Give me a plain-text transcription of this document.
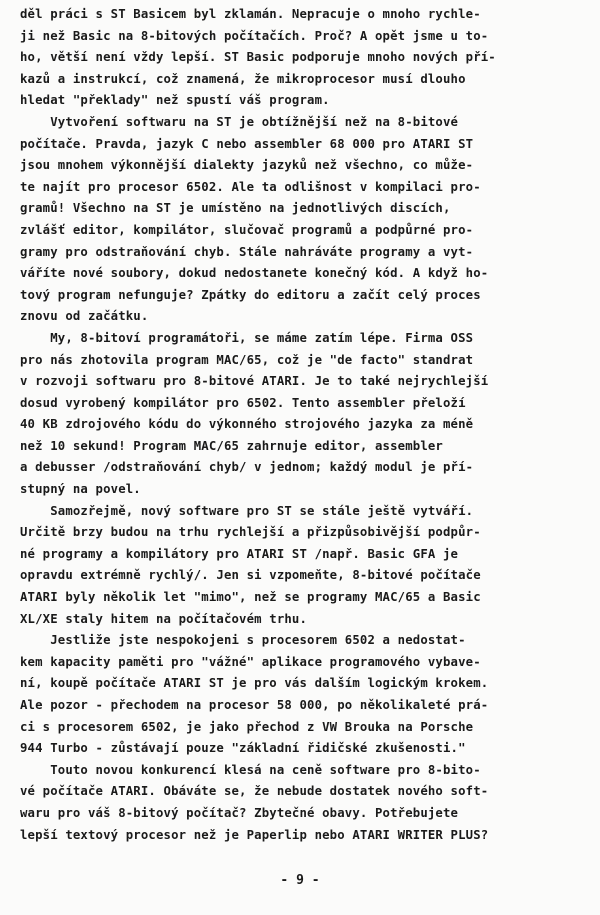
děl práci s ST Basicem byl zklamán. Nepracuje o mnoho rychle-
ji než Basic na 8-bitových počítačích. Proč? A opět jsme u to-
ho, větší není vždy lepší. ST Basic podporuje mnoho nových pří-
kazů a instrukcí, což znamená, že mikroprocesor musí dlouho
hledat "překlady" než spustí váš program.
Vytvoření softwaru na ST je obtížnější než na 8-bitové
počítače. Pravda, jazyk C nebo assembler 68 000 pro ATARI ST
jsou mnohem výkonnější dialekty jazyků než všechno, co může-
te najít pro procesor 6502. Ale ta odlišnost v kompilaci pro-
gramů! Všechno na ST je umístěno na jednotlivých discích,
zvlášť editor, kompilátor, slučovač programů a podpůrné pro-
gramy pro odstraňování chyb. Stále nahráváte programy a vyt-
váříte nové soubory, dokud nedostanete konečný kód. A když ho-
tový program nefunguje? Zpátky do editoru a začít celý proces
znovu od začátku.
My, 8-bitoví programátoři, se máme zatím lépe. Firma OSS
pro nás zhotovila program MAC/65, což je "de facto" standrat
v rozvoji softwaru pro 8-bitové ATARI. Je to také nejrychlejší
dosud vyrobený kompilátor pro 6502. Tento assembler přeloží
40 KB zdrojového kódu do výkonného strojového jazyka za méně
než 10 sekund! Program MAC/65 zahrnuje editor, assembler
a debusser /odstraňování chyb/ v jednom; každý modul je pří-
stupný na povel.
Samozřejmě, nový software pro ST se stále ještě vytváří.
Určitě brzy budou na trhu rychlejší a přizpůsobivější podpůr-
né programy a kompilátory pro ATARI ST /např. Basic GFA je
opravdu extrémně rychlý/. Jen si vzpomeňte, 8-bitové počítače
ATARI byly několik let "mimo", než se programy MAC/65 a Basic
XL/XE staly hitem na počítačovém trhu.
Jestliže jste nespokojeni s procesorem 6502 a nedostat-
kem kapacity paměti pro "vážné" aplikace programového vybave-
ní, koupě počítače ATARI ST je pro vás dalším logickým krokem.
Ale pozor - přechodem na procesor 58 000, po několikaleté prá-
ci s procesorem 6502, je jako přechod z VW Brouka na Porsche
944 Turbo - zůstávají pouze "základní řidičské zkušenosti."
Touto novou konkurencí klesá na ceně software pro 8-bito-
vé počítače ATARI. Obáváte se, že nebude dostatek nového soft-
waru pro váš 8-bitový počítač? Zbytečné obavy. Potřebujete
lepší textový procesor než je Paperlip nebo ATARI WRITER PLUS?
- 9 -
